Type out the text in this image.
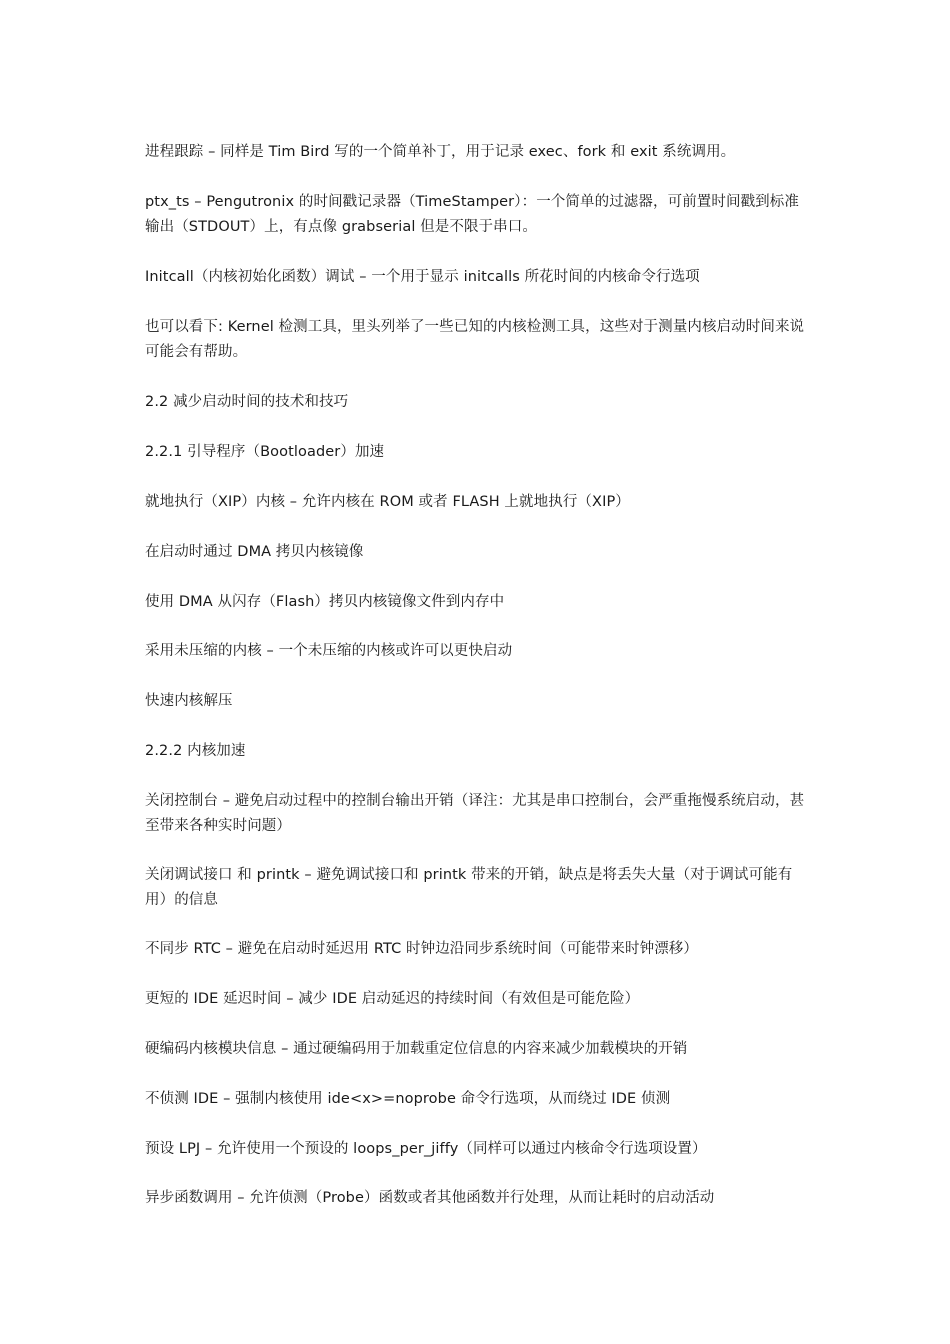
进程跟踪 – 同样是 Tim Bird 写的一个简单补丁，用于记录 exec、fork 和 exit 系统调用。

ptx_ts – Pengutronix 的时间戳记录器（TimeStamper）：一个简单的过滤器，可前置时间戳到标准输出（STDOUT）上，有点像 grabserial 但是不限于串口。

Initcall（内核初始化函数）调试 – 一个用于显示 initcalls 所花时间的内核命令行选项

也可以看下: Kernel 检测工具，里头列举了一些已知的内核检测工具，这些对于测量内核启动时间来说可能会有帮助。

2.2 减少启动时间的技术和技巧

2.2.1 引导程序（Bootloader）加速

就地执行（XIP）内核 – 允许内核在 ROM 或者 FLASH 上就地执行（XIP）

在启动时通过 DMA 拷贝内核镜像

使用 DMA 从闪存（Flash）拷贝内核镜像文件到内存中

采用未压缩的内核 – 一个未压缩的内核或许可以更快启动

快速内核解压

2.2.2 内核加速

关闭控制台 – 避免启动过程中的控制台输出开销（译注：尤其是串口控制台，会严重拖慢系统启动，甚至带来各种实时问题）

关闭调试接口 和 printk – 避免调试接口和 printk 带来的开销，缺点是将丢失大量（对于调试可能有用）的信息

不同步 RTC – 避免在启动时延迟用 RTC 时钟边沿同步系统时间（可能带来时钟漂移）

更短的 IDE 延迟时间 – 减少 IDE 启动延迟的持续时间（有效但是可能危险）

硬编码内核模块信息 – 通过硬编码用于加载重定位信息的内容来减少加载模块的开销

不侦测 IDE – 强制内核使用 ide<x>=noprobe 命令行选项，从而绕过 IDE 侦测

预设 LPJ – 允许使用一个预设的 loops_per_jiffy（同样可以通过内核命令行选项设置）

异步函数调用 – 允许侦测（Probe）函数或者其他函数并行处理，从而让耗时的启动活动
